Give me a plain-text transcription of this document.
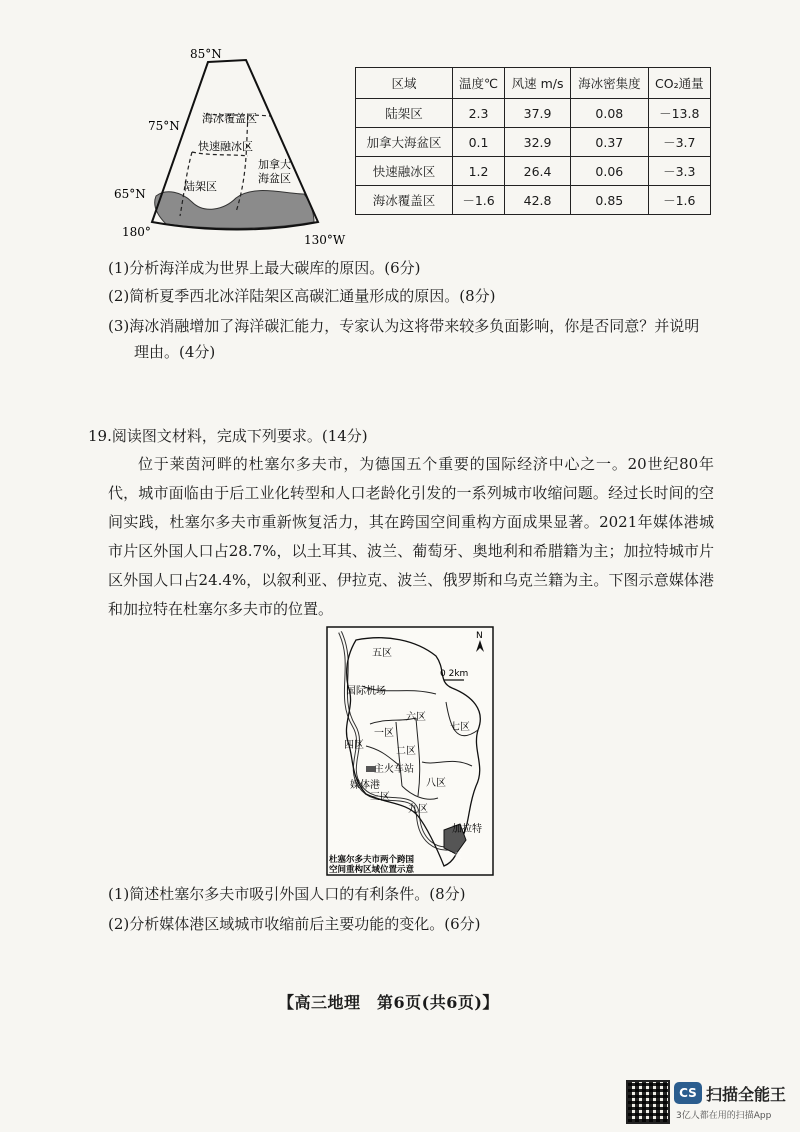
85°N
75°N
65°N
180°
130°W
海冰覆盖区
快速融冰区
加拿大
海盆区
陆架区
区域	温度℃	风速 m/s	海冰密集度	CO₂通量
陆架区	2.3	37.9	0.08	－13.8
加拿大海盆区	0.1	32.9	0.37	－3.7
快速融冰区	1.2	26.4	0.06	－3.3
海冰覆盖区	－1.6	42.8	0.85	－1.6
(1)分析海洋成为世界上最大碳库的原因。(6分)
(2)简析夏季西北冰洋陆架区高碳汇通量形成的原因。(8分)
(3)海冰消融增加了海洋碳汇能力，专家认为这将带来较多负面影响，你是否同意？并说明
理由。(4分)
19.阅读图文材料，完成下列要求。(14分)
位于莱茵河畔的杜塞尔多夫市，为德国五个重要的国际经济中心之一。20世纪80年代，城市面临由于后工业化转型和人口老龄化引发的一系列城市收缩问题。经过长时间的空间实践，杜塞尔多夫市重新恢复活力，其在跨国空间重构方面成果显著。2021年媒体港城市片区外国人口占28.7%，以土耳其、波兰、葡萄牙、奥地利和希腊籍为主；加拉特城市片区外国人口占24.4%，以叙利亚、伊拉克、波兰、俄罗斯和乌克兰籍为主。下图示意媒体港和加拉特在杜塞尔多夫市的位置。
N
0 2km
五区
国际机场
六区
七区
一区
二区
四区
主火车站
媒体港
三区
八区
九区
加拉特
十区
杜塞尔多夫市两个跨国
空间重构区域位置示意
(1)简述杜塞尔多夫市吸引外国人口的有利条件。(8分)
(2)分析媒体港区域城市收缩前后主要功能的变化。(6分)
【高三地理　第6页(共6页)】
CS 扫描全能王
3亿人都在用的扫描App
